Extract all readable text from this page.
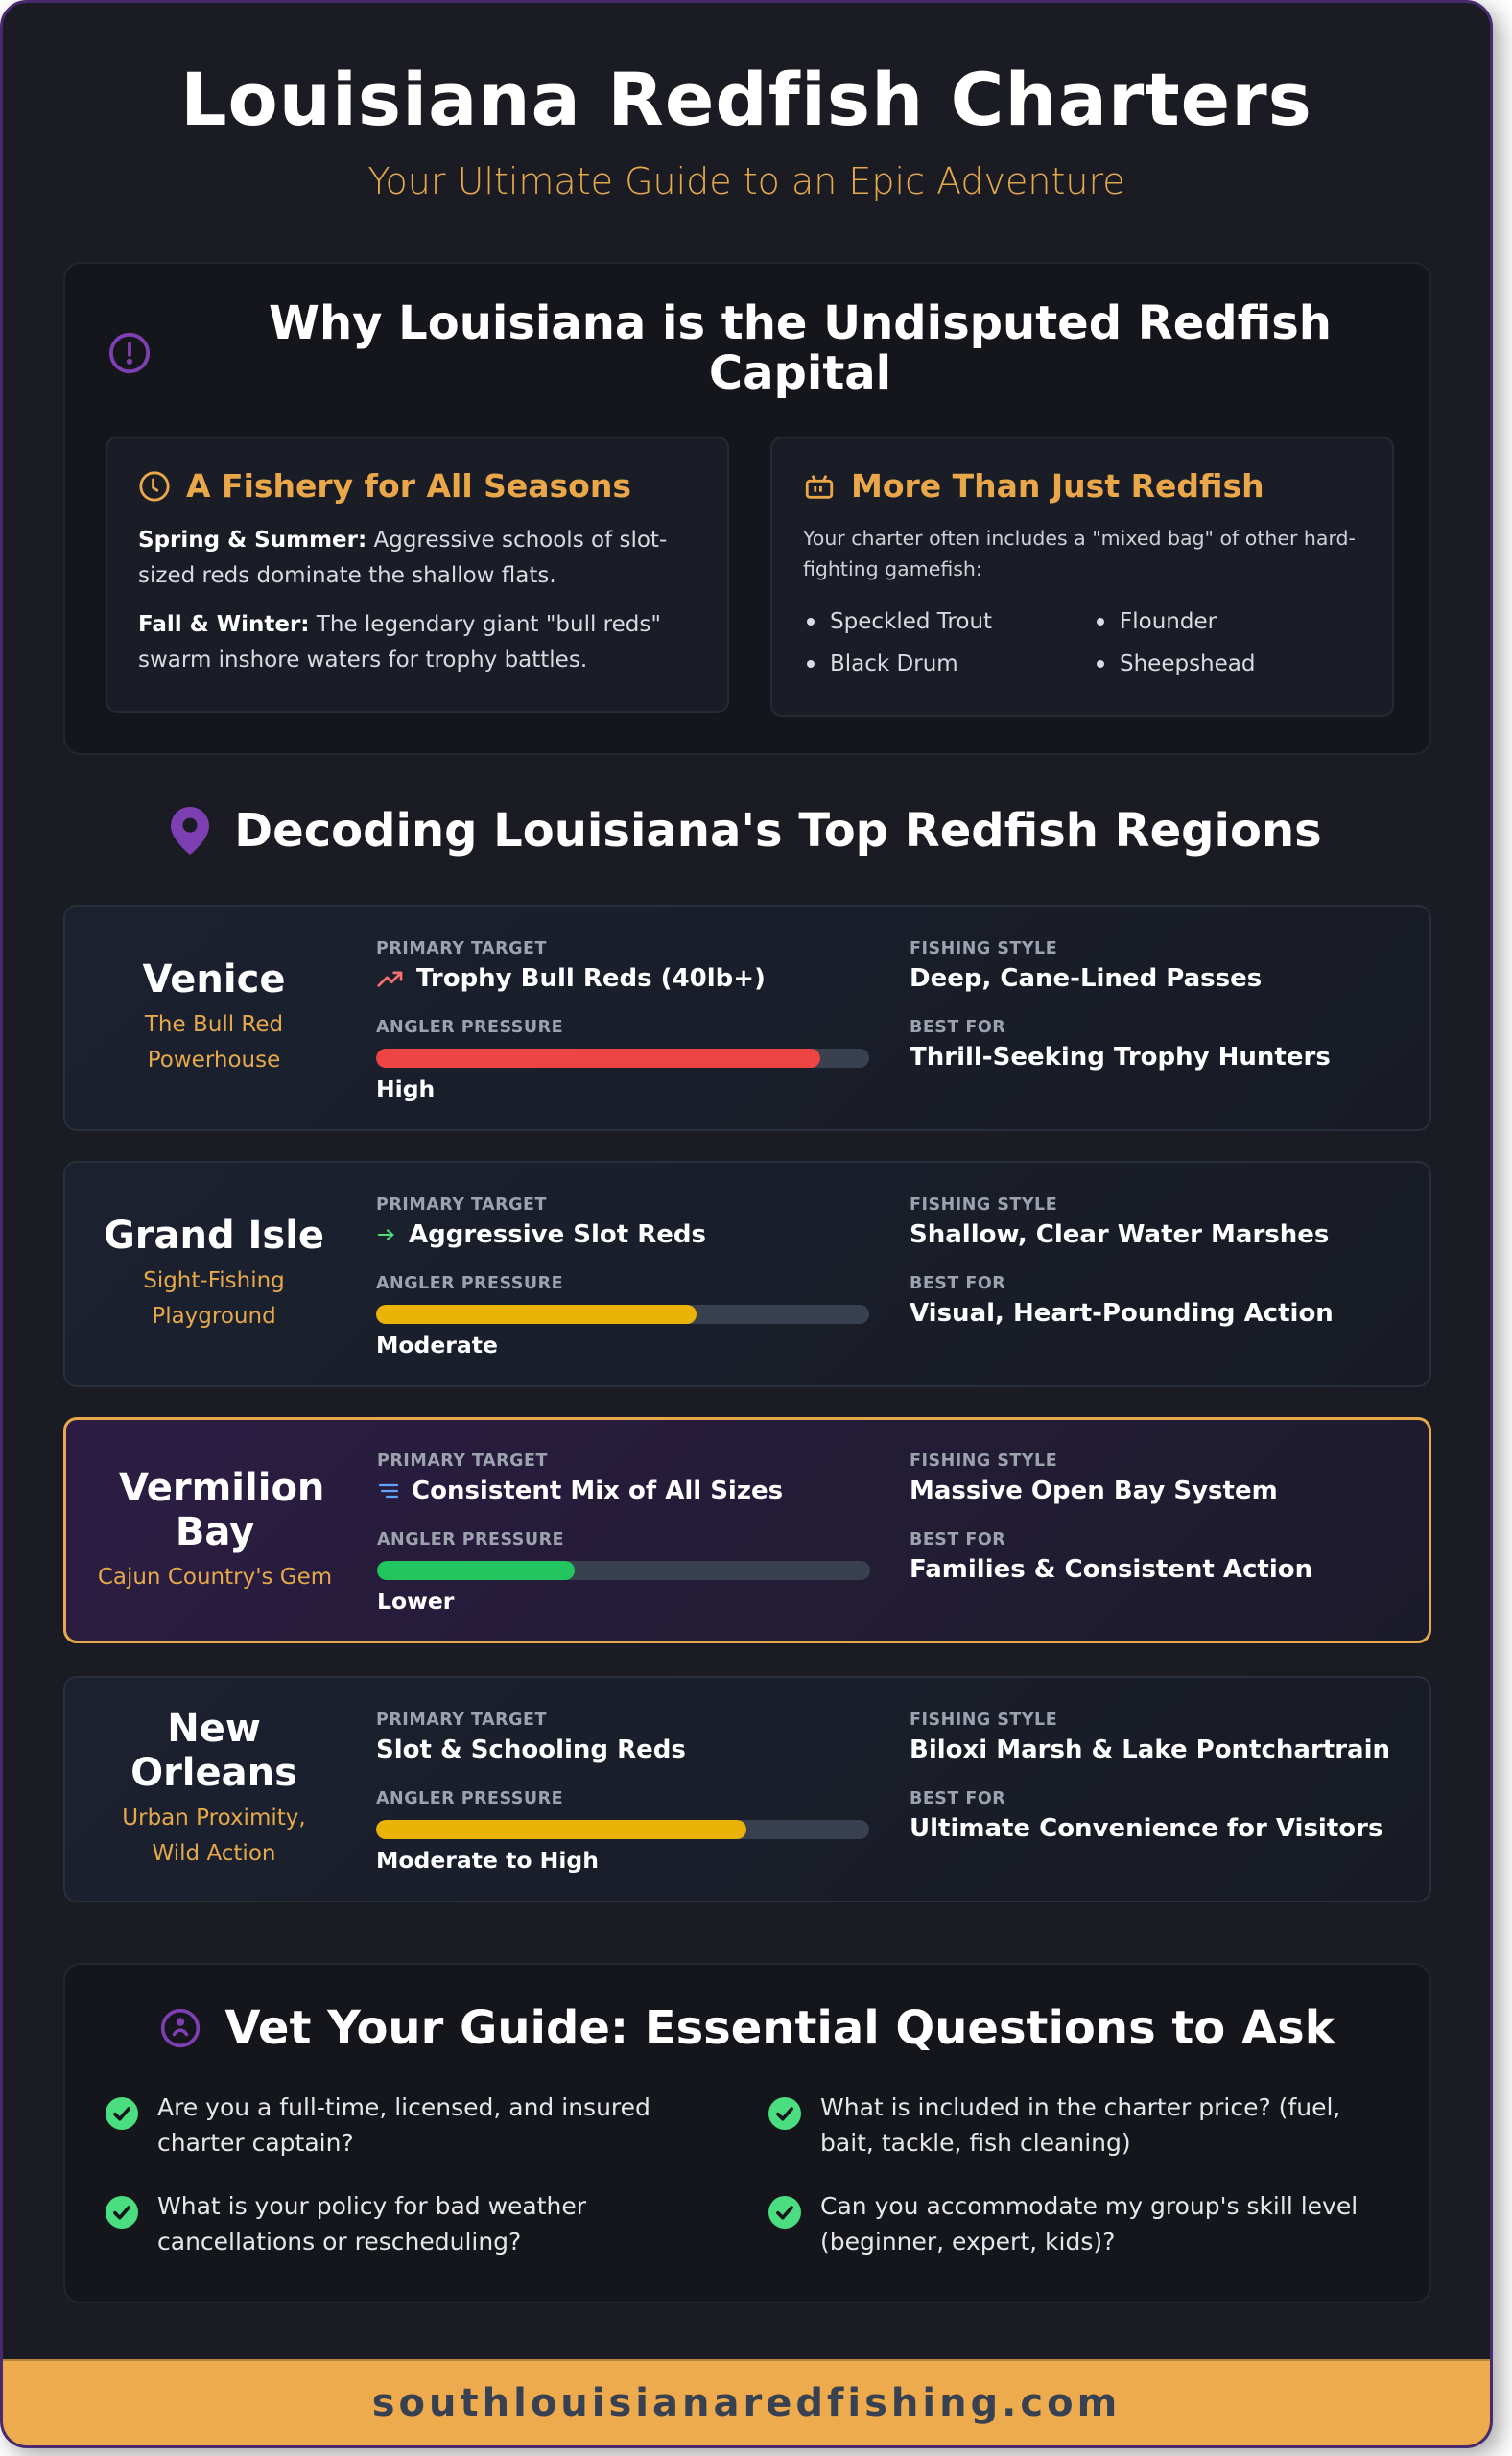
Louisiana Redfish Charters
Your Ultimate Guide to an Epic Adventure
Why Louisiana is the Undisputed Redfish Capital
A Fishery for All Seasons

Spring & Summer: Aggressive schools of slot-sized reds dominate the shallow flats.

Fall & Winter: The legendary giant "bull reds" swarm inshore waters for trophy battles.

More Than Just Redfish

Your charter often includes a "mixed bag" of other hard-fighting gamefish:

Speckled Trout	Flounder
Black Drum	Sheepshead
Decoding Louisiana's Top Redfish Regions
Venice
The Bull Red Powerhouse
PRIMARY TARGET
Trophy Bull Reds (40lb+)
ANGLER PRESSURE
High
FISHING STYLE
Deep, Cane-Lined Passes
BEST FOR
Thrill-Seeking Trophy Hunters
Grand Isle
Sight-Fishing Playground
PRIMARY TARGET
Aggressive Slot Reds
ANGLER PRESSURE
Moderate
FISHING STYLE
Shallow, Clear Water Marshes
BEST FOR
Visual, Heart-Pounding Action
Vermilion Bay
Cajun Country's Gem
PRIMARY TARGET
Consistent Mix of All Sizes
ANGLER PRESSURE
Lower
FISHING STYLE
Massive Open Bay System
BEST FOR
Families & Consistent Action
New Orleans
Urban Proximity, Wild Action
PRIMARY TARGET
Slot & Schooling Reds
ANGLER PRESSURE
Moderate to High
FISHING STYLE
Biloxi Marsh & Lake Pontchartrain
BEST FOR
Ultimate Convenience for Visitors
Vet Your Guide: Essential Questions to Ask
Are you a full-time, licensed, and insured charter captain?
What is included in the charter price? (fuel, bait, tackle, fish cleaning)
What is your policy for bad weather cancellations or rescheduling?
Can you accommodate my group's skill level (beginner, expert, kids)?
southlouisianaredfishing.com
